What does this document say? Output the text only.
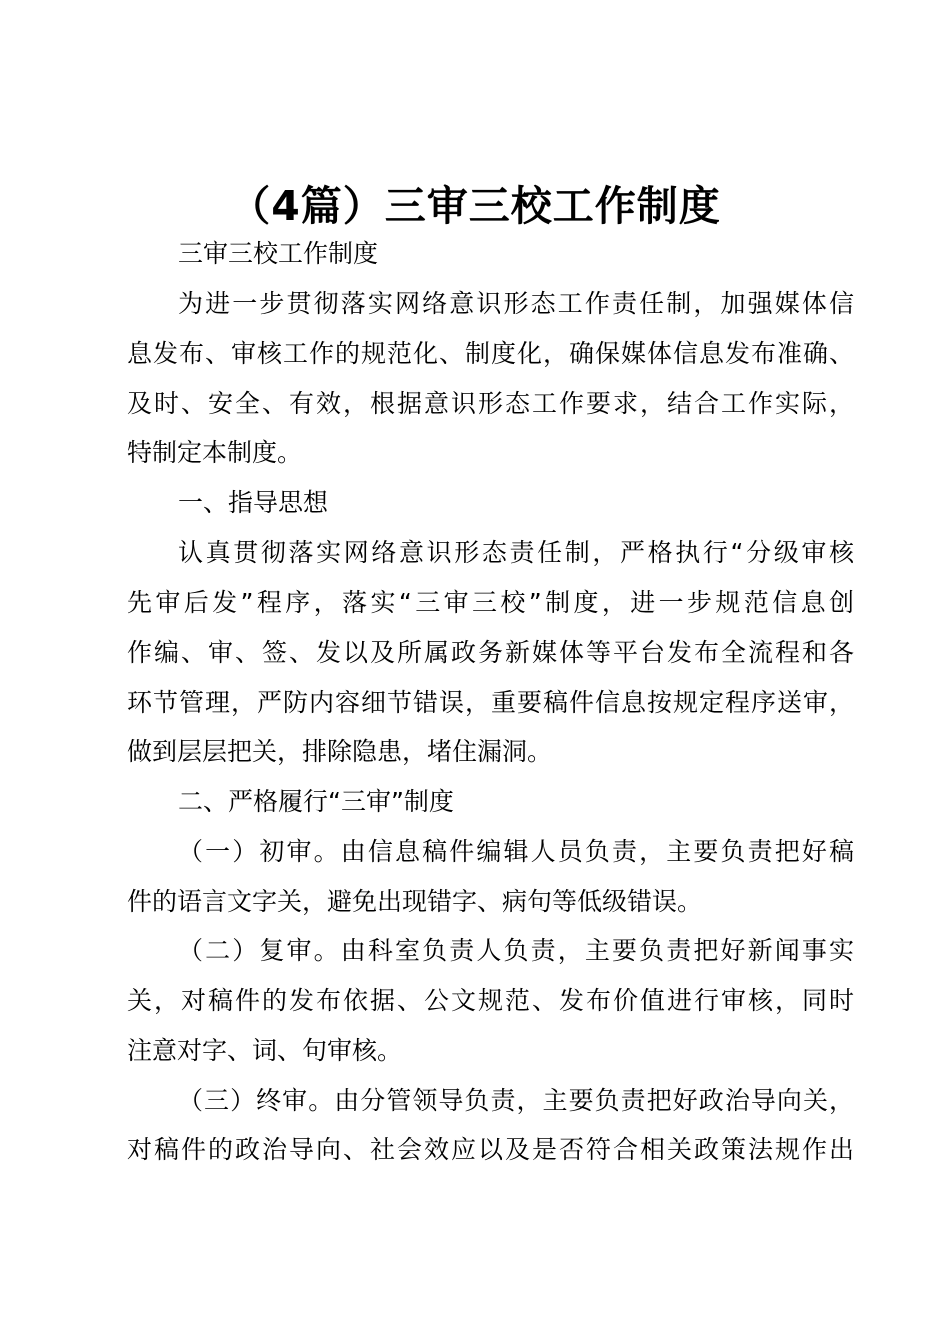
（4篇）三审三校工作制度
三审三校工作制度
为进一步贯彻落实网络意识形态工作责任制，加强媒体信
息发布、审核工作的规范化、制度化，确保媒体信息发布准确、
及时、安全、有效，根据意识形态工作要求，结合工作实际，
特制定本制度。
一、指导思想
认真贯彻落实网络意识形态责任制，严格执行“分级审核
先审后发”程序，落实“三审三校”制度，进一步规范信息创
作编、审、签、发以及所属政务新媒体等平台发布全流程和各
环节管理，严防内容细节错误，重要稿件信息按规定程序送审，
做到层层把关，排除隐患，堵住漏洞。
二、严格履行“三审”制度
（一）初审。由信息稿件编辑人员负责，主要负责把好稿
件的语言文字关，避免出现错字、病句等低级错误。
（二）复审。由科室负责人负责，主要负责把好新闻事实
关，对稿件的发布依据、公文规范、发布价值进行审核，同时
注意对字、词、句审核。
（三）终审。由分管领导负责，主要负责把好政治导向关，
对稿件的政治导向、社会效应以及是否符合相关政策法规作出
